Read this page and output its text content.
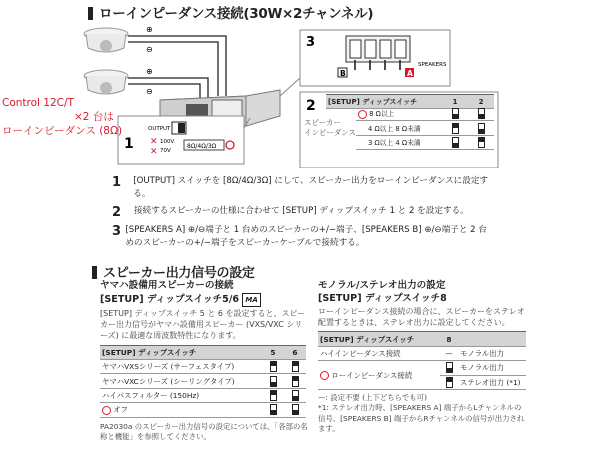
ローインピーダンス接続(30W×2チャンネル)
⊕
⊖
⊕
⊖
3
B	A
SPEAKERS
1
OUTPUT
✕
✕
100V
70V
8Ω/4Ω/3Ω
2 [SETUP] ディップスイッチ	1	2
スピーカー
インピーダンス
8 Ω以上		
4 Ω以上 8 Ω未満		
3 Ω以上 4 Ω未満		
Control 12C/T
×2 台は
ローインピーダンス (8Ω)
1	[OUTPUT] スイッチを [8Ω/4Ω/3Ω] にして、スピーカー出力をローインピーダンスに設定する。
2	接続するスピーカーの仕様に合わせて [SETUP] ディップスイッチ 1 と 2 を設定する。
3 [SPEAKERS A] ⊕/⊖端子と 1 台めのスピーカーの+/−端子、[SPEAKERS B] ⊕/⊖端子と 2 台めのスピーカーの+/−端子をスピーカーケーブルで接続する。
スピーカー出力信号の設定
ヤマハ設備用スピーカーの接続
[SETUP] ディップスイッチ5/6 MA
[SETUP] ディップスイッチ 5 と 6 を設定すると、スピーカー出力信号がヤマハ設備用スピーカー (VXS/VXC シリーズ) に最適な周波数特性になります。
[SETUP] ディップスイッチ	5	6
ヤマハVXSシリーズ (サーフェスタイプ)		
ヤマハVXCシリーズ (シーリングタイプ)		
ハイパスフィルター (150Hz)		
オフ		
PA2030a のスピーカー出力信号の設定については、「各部の名称と機能」を参照してください。
モノラル/ステレオ出力の設定
[SETUP] ディップスイッチ8
ローインピーダンス接続の場合に、スピーカーをステレオ配置するときは、ステレオ出力に設定してください。
[SETUP] ディップスイッチ	8	
ハイインピーダンス接続	—	モノラル出力
ローインピーダンス接続		モノラル出力
		ステレオ出力 (*1)
—: 設定不要 (上下どちらでも可)
*1: ステレオ出力時、[SPEAKERS A] 端子からLチャンネルの信号、[SPEAKERS B] 端子からRチャンネルの信号が出力されます。
